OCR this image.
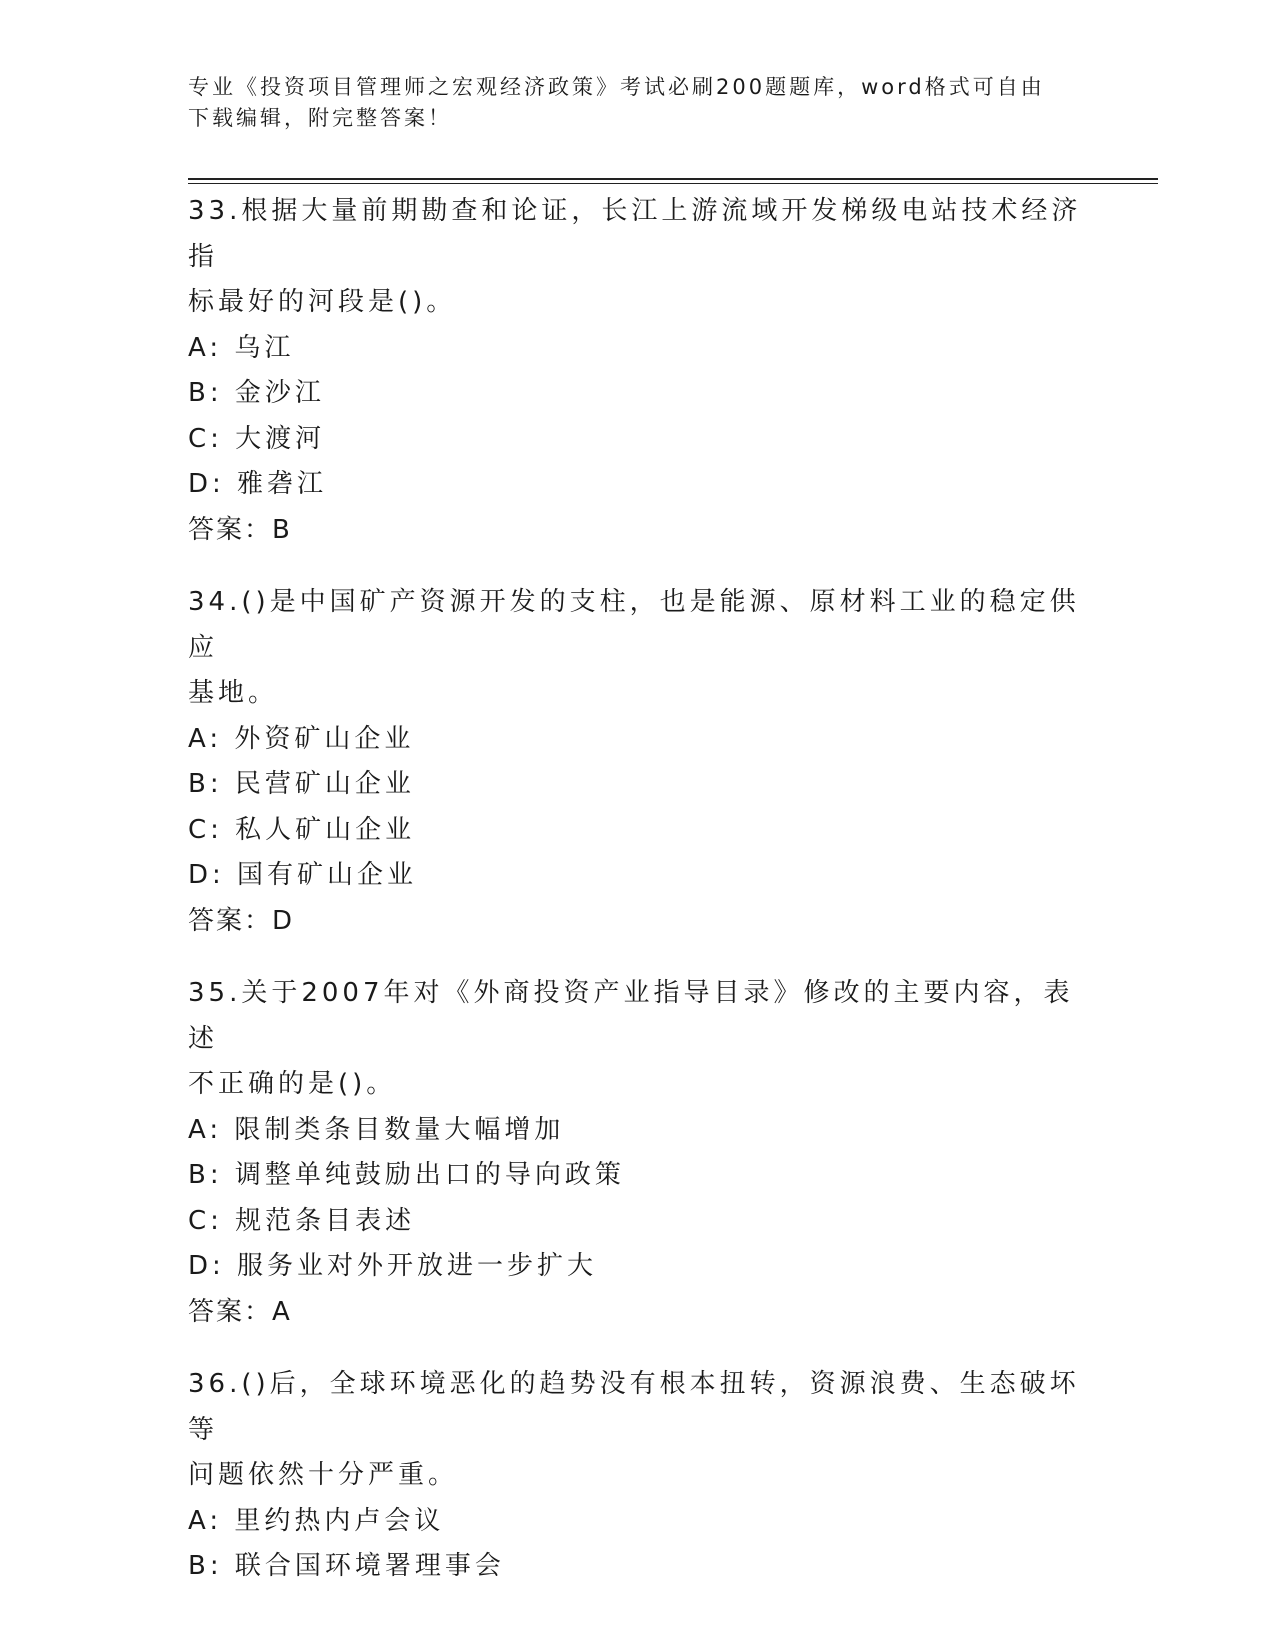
专业《投资项目管理师之宏观经济政策》考试必刷200题题库，word格式可自由
下载编辑，附完整答案！
33.根据大量前期勘查和论证，长江上游流域开发梯级电站技术经济指
标最好的河段是()。
A: 乌江
B: 金沙江
C: 大渡河
D: 雅砻江
答案：B
34.()是中国矿产资源开发的支柱，也是能源、原材料工业的稳定供应
基地。
A: 外资矿山企业
B: 民营矿山企业
C: 私人矿山企业
D: 国有矿山企业
答案：D
35.关于2007年对《外商投资产业指导目录》修改的主要内容，表述
不正确的是()。
A: 限制类条目数量大幅增加
B: 调整单纯鼓励出口的导向政策
C: 规范条目表述
D: 服务业对外开放进一步扩大
答案：A
36.()后，全球环境恶化的趋势没有根本扭转，资源浪费、生态破坏等
问题依然十分严重。
A: 里约热内卢会议
B: 联合国环境署理事会
